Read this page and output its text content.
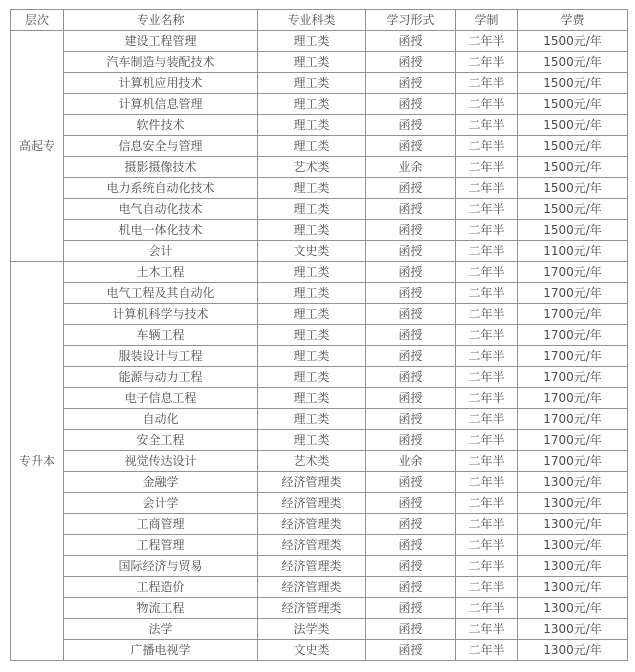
层次	专业名称	专业科类	学习形式	学制	学费
高起专	建设工程管理	理工类	函授	二年半	1500元/年
	汽车制造与装配技术	理工类	函授	二年半	1500元/年
	计算机应用技术	理工类	函授	二年半	1500元/年
	计算机信息管理	理工类	函授	二年半	1500元/年
	软件技术	理工类	函授	二年半	1500元/年
	信息安全与管理	理工类	函授	二年半	1500元/年
	摄影摄像技术	艺术类	业余	二年半	1500元/年
	电力系统自动化技术	理工类	函授	二年半	1500元/年
	电气自动化技术	理工类	函授	二年半	1500元/年
	机电一体化技术	理工类	函授	二年半	1500元/年
	会计	文史类	函授	二年半	1100元/年
专升本	土木工程	理工类	函授	二年半	1700元/年
	电气工程及其自动化	理工类	函授	二年半	1700元/年
	计算机科学与技术	理工类	函授	二年半	1700元/年
	车辆工程	理工类	函授	二年半	1700元/年
	服装设计与工程	理工类	函授	二年半	1700元/年
	能源与动力工程	理工类	函授	二年半	1700元/年
	电子信息工程	理工类	函授	二年半	1700元/年
	自动化	理工类	函授	二年半	1700元/年
	安全工程	理工类	函授	二年半	1700元/年
	视觉传达设计	艺术类	业余	二年半	1700元/年
	金融学	经济管理类	函授	二年半	1300元/年
	会计学	经济管理类	函授	二年半	1300元/年
	工商管理	经济管理类	函授	二年半	1300元/年
	工程管理	经济管理类	函授	二年半	1300元/年
	国际经济与贸易	经济管理类	函授	二年半	1300元/年
	工程造价	经济管理类	函授	二年半	1300元/年
	物流工程	经济管理类	函授	二年半	1300元/年
	法学	法学类	函授	二年半	1300元/年
	广播电视学	文史类	函授	二年半	1300元/年
